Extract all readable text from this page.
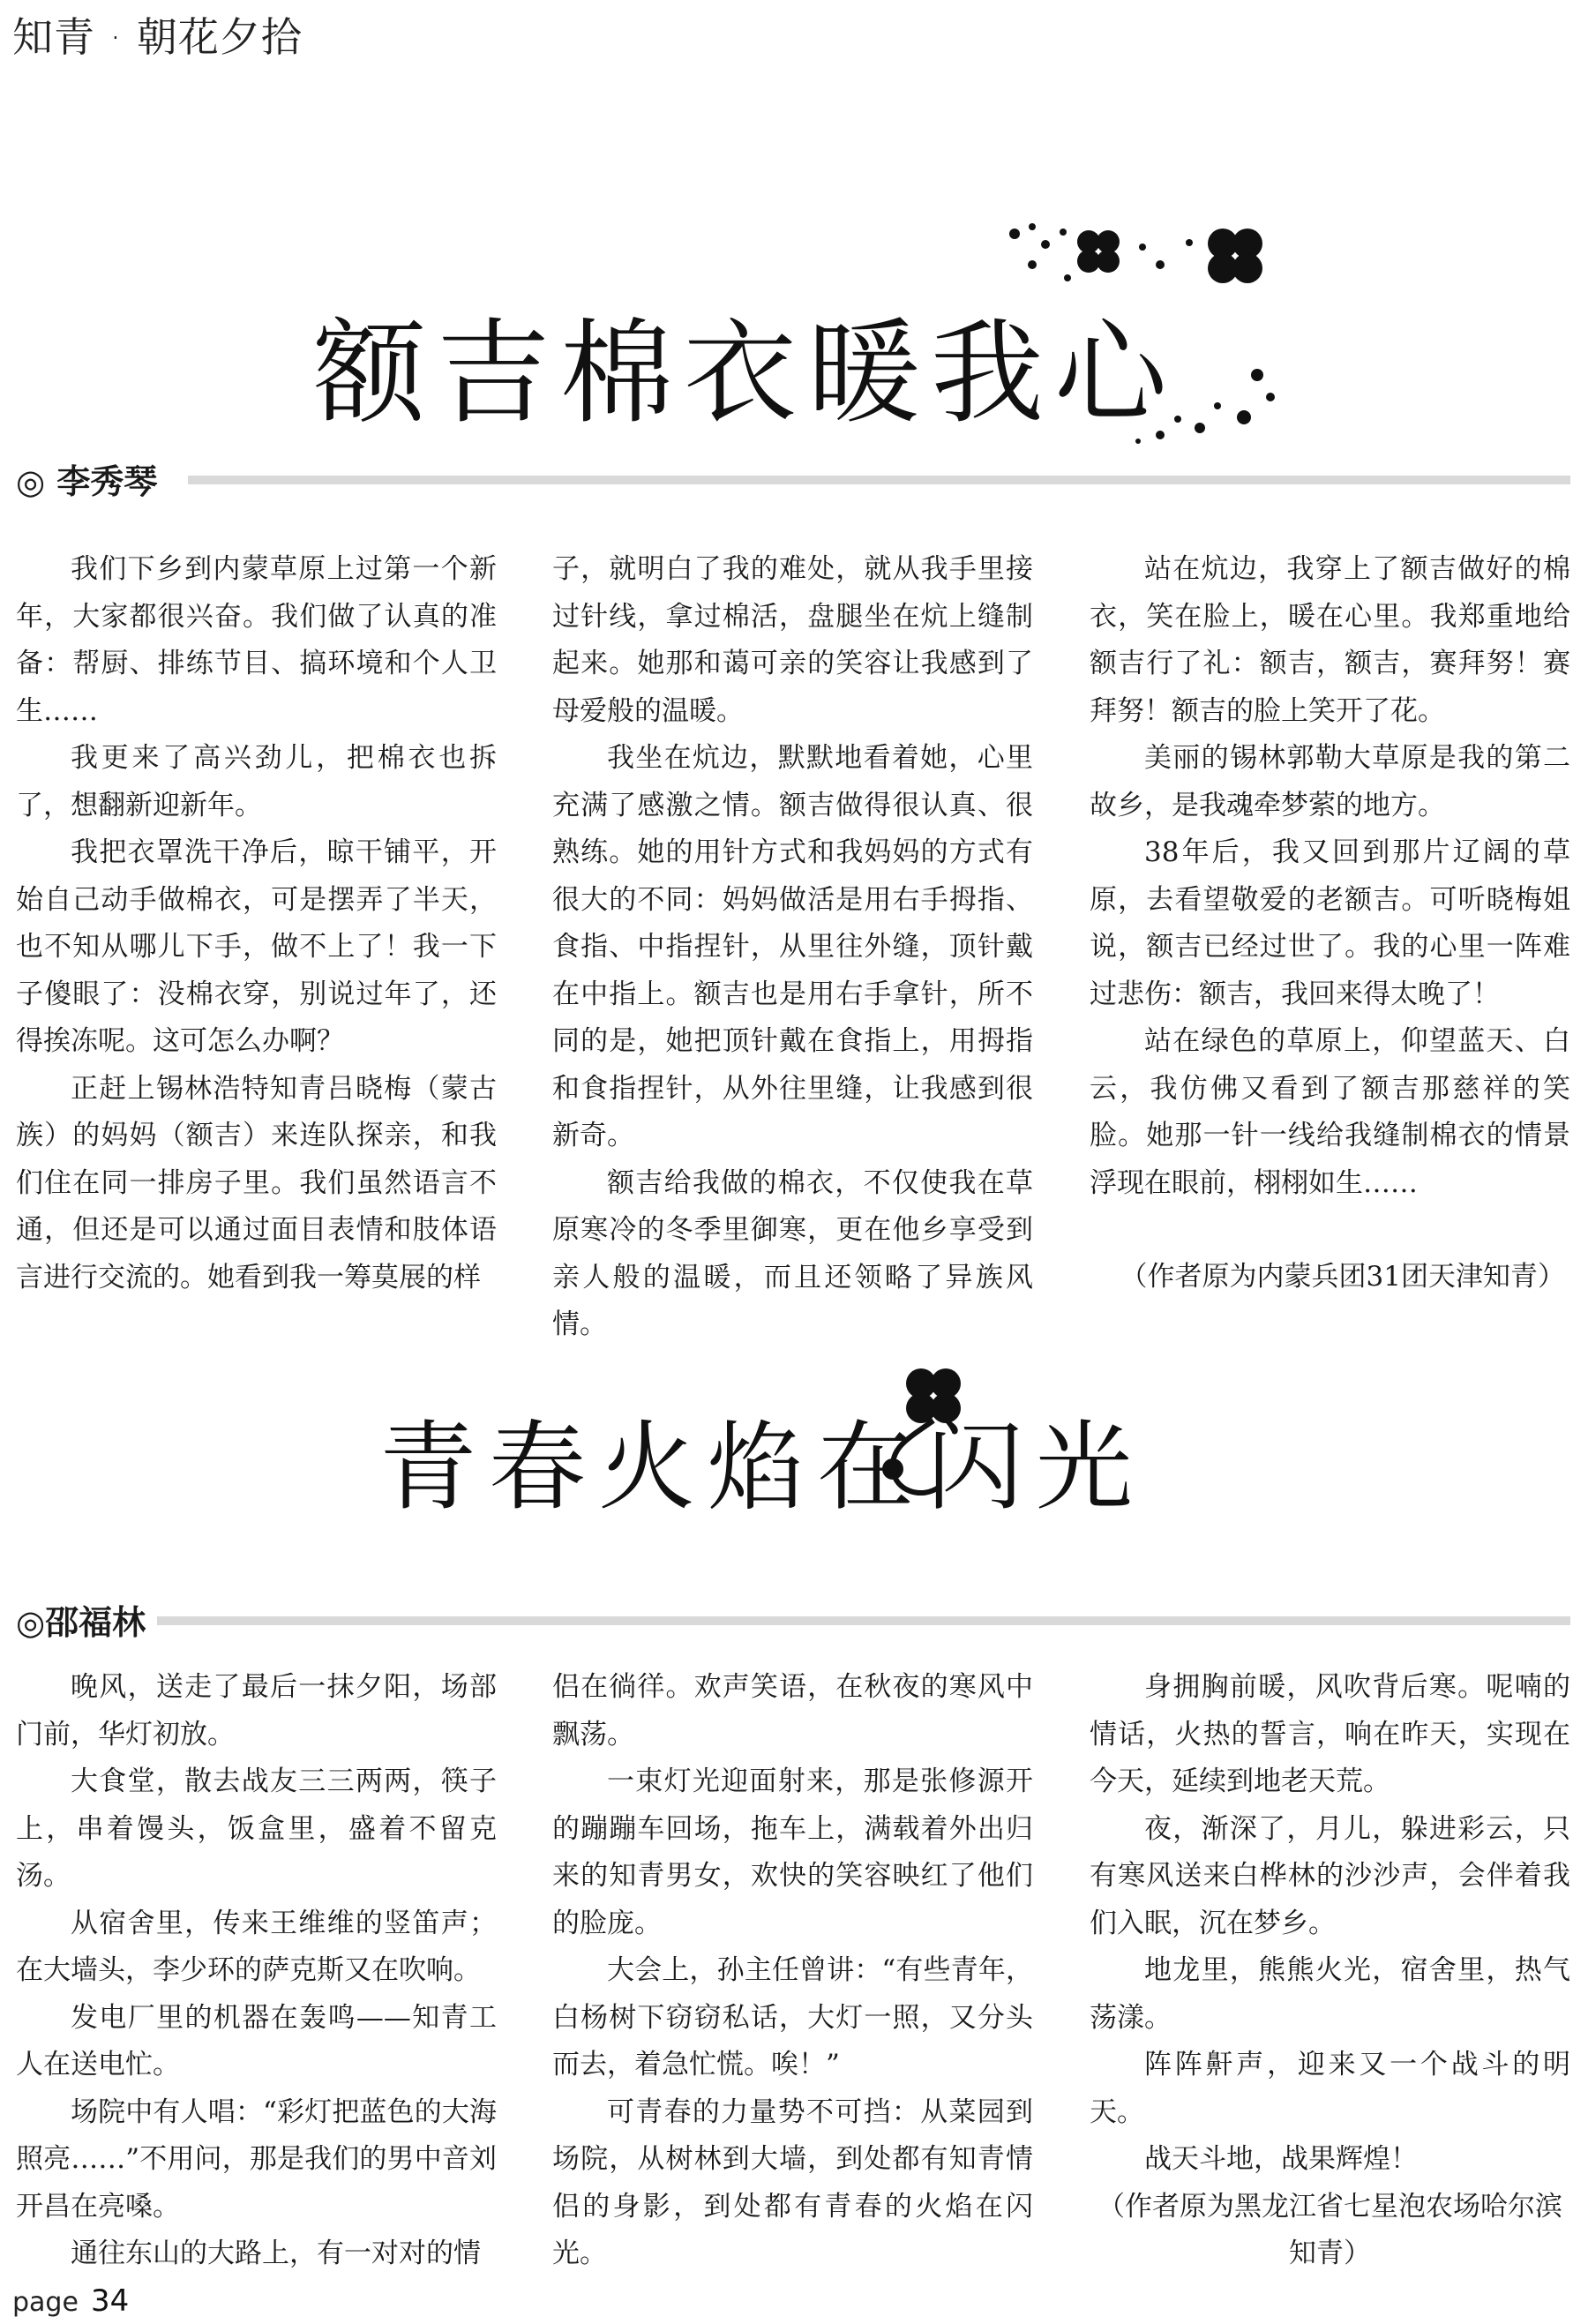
知青 · 朝花夕拾
额吉棉衣暖我心
◎ 李秀琴

我们下乡到内蒙草原上过第一个新年，大家都很兴奋。我们做了认真的准备：帮厨、排练节目、搞环境和个人卫生……

我更来了高兴劲儿，把棉衣也拆了，想翻新迎新年。

我把衣罩洗干净后，晾干铺平，开始自己动手做棉衣，可是摆弄了半天，也不知从哪儿下手，做不上了！我一下子傻眼了：没棉衣穿，别说过年了，还得挨冻呢。这可怎么办啊？

正赶上锡林浩特知青吕晓梅（蒙古族）的妈妈（额吉）来连队探亲，和我们住在同一排房子里。我们虽然语言不通，但还是可以通过面目表情和肢体语言进行交流的。她看到我一筹莫展的样

子，就明白了我的难处，就从我手里接过针线，拿过棉活，盘腿坐在炕上缝制起来。她那和蔼可亲的笑容让我感到了母爱般的温暖。

我坐在炕边，默默地看着她，心里充满了感激之情。额吉做得很认真、很熟练。她的用针方式和我妈妈的方式有很大的不同：妈妈做活是用右手拇指、食指、中指捏针，从里往外缝，顶针戴在中指上。额吉也是用右手拿针，所不同的是，她把顶针戴在食指上，用拇指和食指捏针，从外往里缝，让我感到很新奇。

额吉给我做的棉衣，不仅使我在草原寒冷的冬季里御寒，更在他乡享受到亲人般的温暖，而且还领略了异族风情。

站在炕边，我穿上了额吉做好的棉衣，笑在脸上，暖在心里。我郑重地给额吉行了礼：额吉，额吉，赛拜努！赛拜努！额吉的脸上笑开了花。

美丽的锡林郭勒大草原是我的第二故乡，是我魂牵梦萦的地方。

38年后，我又回到那片辽阔的草原，去看望敬爱的老额吉。可听晓梅姐说，额吉已经过世了。我的心里一阵难过悲伤：额吉，我回来得太晚了！

站在绿色的草原上，仰望蓝天、白云，我仿佛又看到了额吉那慈祥的笑脸。她那一针一线给我缝制棉衣的情景浮现在眼前，栩栩如生……

（作者原为内蒙兵团31团天津知青）

青春火焰在闪光
◎邵福林

晚风，送走了最后一抹夕阳，场部门前，华灯初放。

大食堂，散去战友三三两两，筷子上，串着馒头，饭盒里，盛着不留克汤。

从宿舍里，传来王维维的竖笛声；在大墙头，李少环的萨克斯又在吹响。

发电厂里的机器在轰鸣——知青工人在送电忙。

场院中有人唱：“彩灯把蓝色的大海照亮……”不用问，那是我们的男中音刘开昌在亮嗓。

通往东山的大路上，有一对对的情

侣在徜徉。欢声笑语，在秋夜的寒风中飘荡。

一束灯光迎面射来，那是张修源开的蹦蹦车回场，拖车上，满载着外出归来的知青男女，欢快的笑容映红了他们的脸庞。

大会上，孙主任曾讲：“有些青年，白杨树下窃窃私话，大灯一照，又分头而去，着急忙慌。唉！”

可青春的力量势不可挡：从菜园到场院，从树林到大墙，到处都有知青情侣的身影，到处都有青春的火焰在闪光。

身拥胸前暖，风吹背后寒。呢喃的情话，火热的誓言，响在昨天，实现在今天，延续到地老天荒。

夜，渐深了，月儿，躲进彩云，只有寒风送来白桦林的沙沙声，会伴着我们入眠，沉在梦乡。

地龙里，熊熊火光，宿舍里，热气荡漾。

阵阵鼾声，迎来又一个战斗的明天。

战天斗地，战果辉煌！

（作者原为黑龙江省七星泡农场哈尔滨知青）

page 34
